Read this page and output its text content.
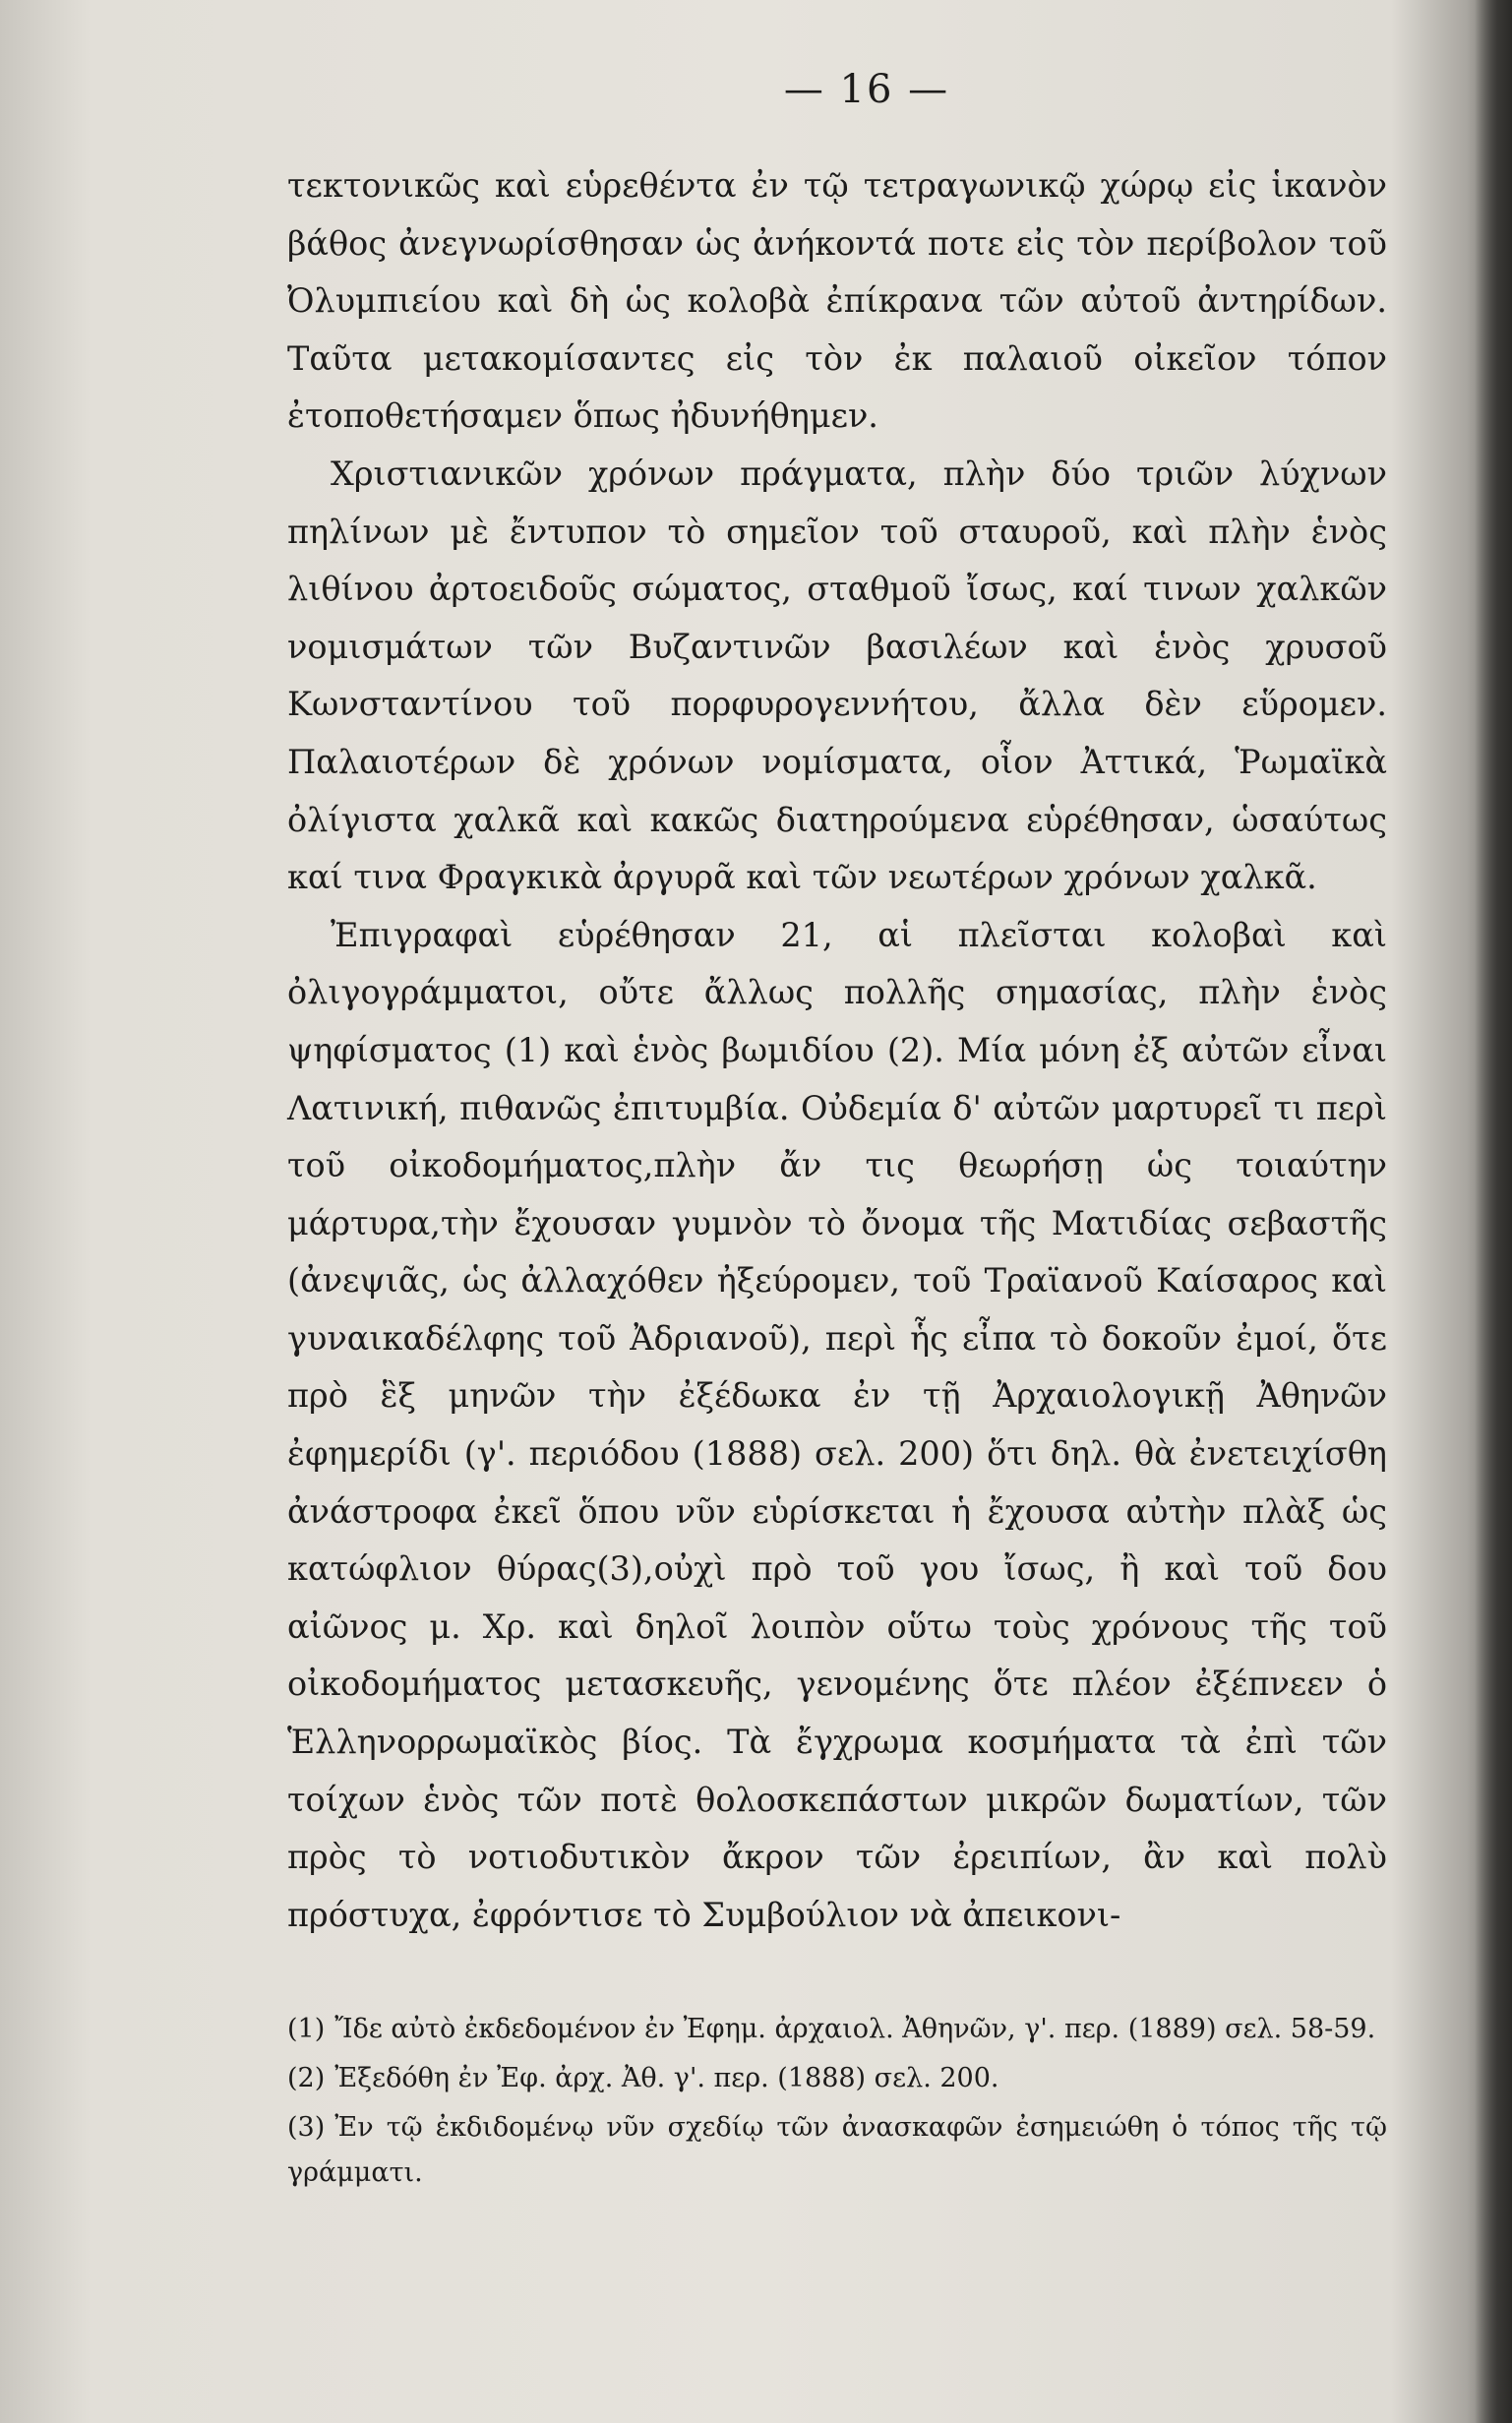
— 16 —

τεκτονικῶς καὶ εὑρεθέντα ἐν τῷ τετραγωνικῷ χώρῳ εἰς ἱκανὸν βάθος ἀνεγνωρίσθησαν ὡς ἀνήκοντά ποτε εἰς τὸν περίβολον τοῦ Ὀλυμπιείου καὶ δὴ ὡς κολοβὰ ἐπίκρανα τῶν αὐτοῦ ἀντηρίδων. Ταῦτα μετακομίσαντες εἰς τὸν ἐκ παλαιοῦ οἰκεῖον τόπον ἐτοποθετήσαμεν ὅπως ἠδυνήθημεν.

Χριστιανικῶν χρόνων πράγματα, πλὴν δύο τριῶν λύχνων πηλίνων μὲ ἔντυπον τὸ σημεῖον τοῦ σταυροῦ, καὶ πλὴν ἑνὸς λιθίνου ἀρτοειδοῦς σώματος, σταθμοῦ ἴσως, καί τινων χαλκῶν νομισμάτων τῶν Βυζαντινῶν βασιλέων καὶ ἑνὸς χρυσοῦ Κωνσταντίνου τοῦ πορφυρογεννήτου, ἄλλα δὲν εὕρομεν. Παλαιοτέρων δὲ χρόνων νομίσματα, οἷον Ἀττικά, Ῥωμαϊκὰ ὀλίγιστα χαλκᾶ καὶ κακῶς διατηρούμενα εὑρέθησαν, ὡσαύτως καί τινα Φραγκικὰ ἀργυρᾶ καὶ τῶν νεωτέρων χρόνων χαλκᾶ.

Ἐπιγραφαὶ εὑρέθησαν 21, αἱ πλεῖσται κολοβαὶ καὶ ὀλιγογράμματοι, οὔτε ἄλλως πολλῆς σημασίας, πλὴν ἑνὸς ψηφίσματος (1) καὶ ἑνὸς βωμιδίου (2). Μία μόνη ἐξ αὐτῶν εἶναι Λατινική, πιθανῶς ἐπιτυμβία. Οὐδεμία δ' αὐτῶν μαρτυρεῖ τι περὶ τοῦ οἰκοδομήματος,πλὴν ἄν τις θεωρήσῃ ὡς τοιαύτην μάρτυρα,τὴν ἔχουσαν γυμνὸν τὸ ὄνομα τῆς Ματιδίας σεβαστῆς (ἀνεψιᾶς, ὡς ἀλλαχόθεν ἠξεύρομεν, τοῦ Τραϊανοῦ Καίσαρος καὶ γυναικαδέλφης τοῦ Ἀδριανοῦ), περὶ ἧς εἶπα τὸ δοκοῦν ἐμοί, ὅτε πρὸ ἓξ μηνῶν τὴν ἐξέδωκα ἐν τῇ Ἀρχαιολογικῇ Ἀθηνῶν ἐφημερίδι (γ'. περιόδου (1888) σελ. 200) ὅτι δηλ. θὰ ἐνετειχίσθη ἀνάστροφα ἐκεῖ ὅπου νῦν εὑρίσκεται ἡ ἔχουσα αὐτὴν πλὰξ ὡς κατώφλιον θύρας(3),οὐχὶ πρὸ τοῦ γου ἴσως, ἢ καὶ τοῦ δου αἰῶνος μ. Χρ. καὶ δηλοῖ λοιπὸν οὕτω τοὺς χρόνους τῆς τοῦ οἰκοδομήματος μετασκευῆς, γενομένης ὅτε πλέον ἐξέπνεεν ὁ Ἑλληνορρωμαϊκὸς βίος. Τὰ ἔγχρωμα κοσμήματα τὰ ἐπὶ τῶν τοίχων ἑνὸς τῶν ποτὲ θολοσκεπάστων μικρῶν δωματίων, τῶν πρὸς τὸ νοτιοδυτικὸν ἄκρον τῶν ἐρειπίων, ἂν καὶ πολὺ πρόστυχα, ἐφρόντισε τὸ Συμβούλιον νὰ ἀπεικονι-

(1) Ἴδε αὐτὸ ἐκδεδομένον ἐν Ἐφημ. ἀρχαιολ. Ἀθηνῶν, γ'. περ. (1889) σελ. 58-59.

(2) Ἐξεδόθη ἐν Ἐφ. ἀρχ. Ἀθ. γ'. περ. (1888) σελ. 200.

(3) Ἐν τῷ ἐκδιδομένῳ νῦν σχεδίῳ τῶν ἀνασκαφῶν ἐσημειώθη ὁ τόπος τῆς τῷ γράμματι.
